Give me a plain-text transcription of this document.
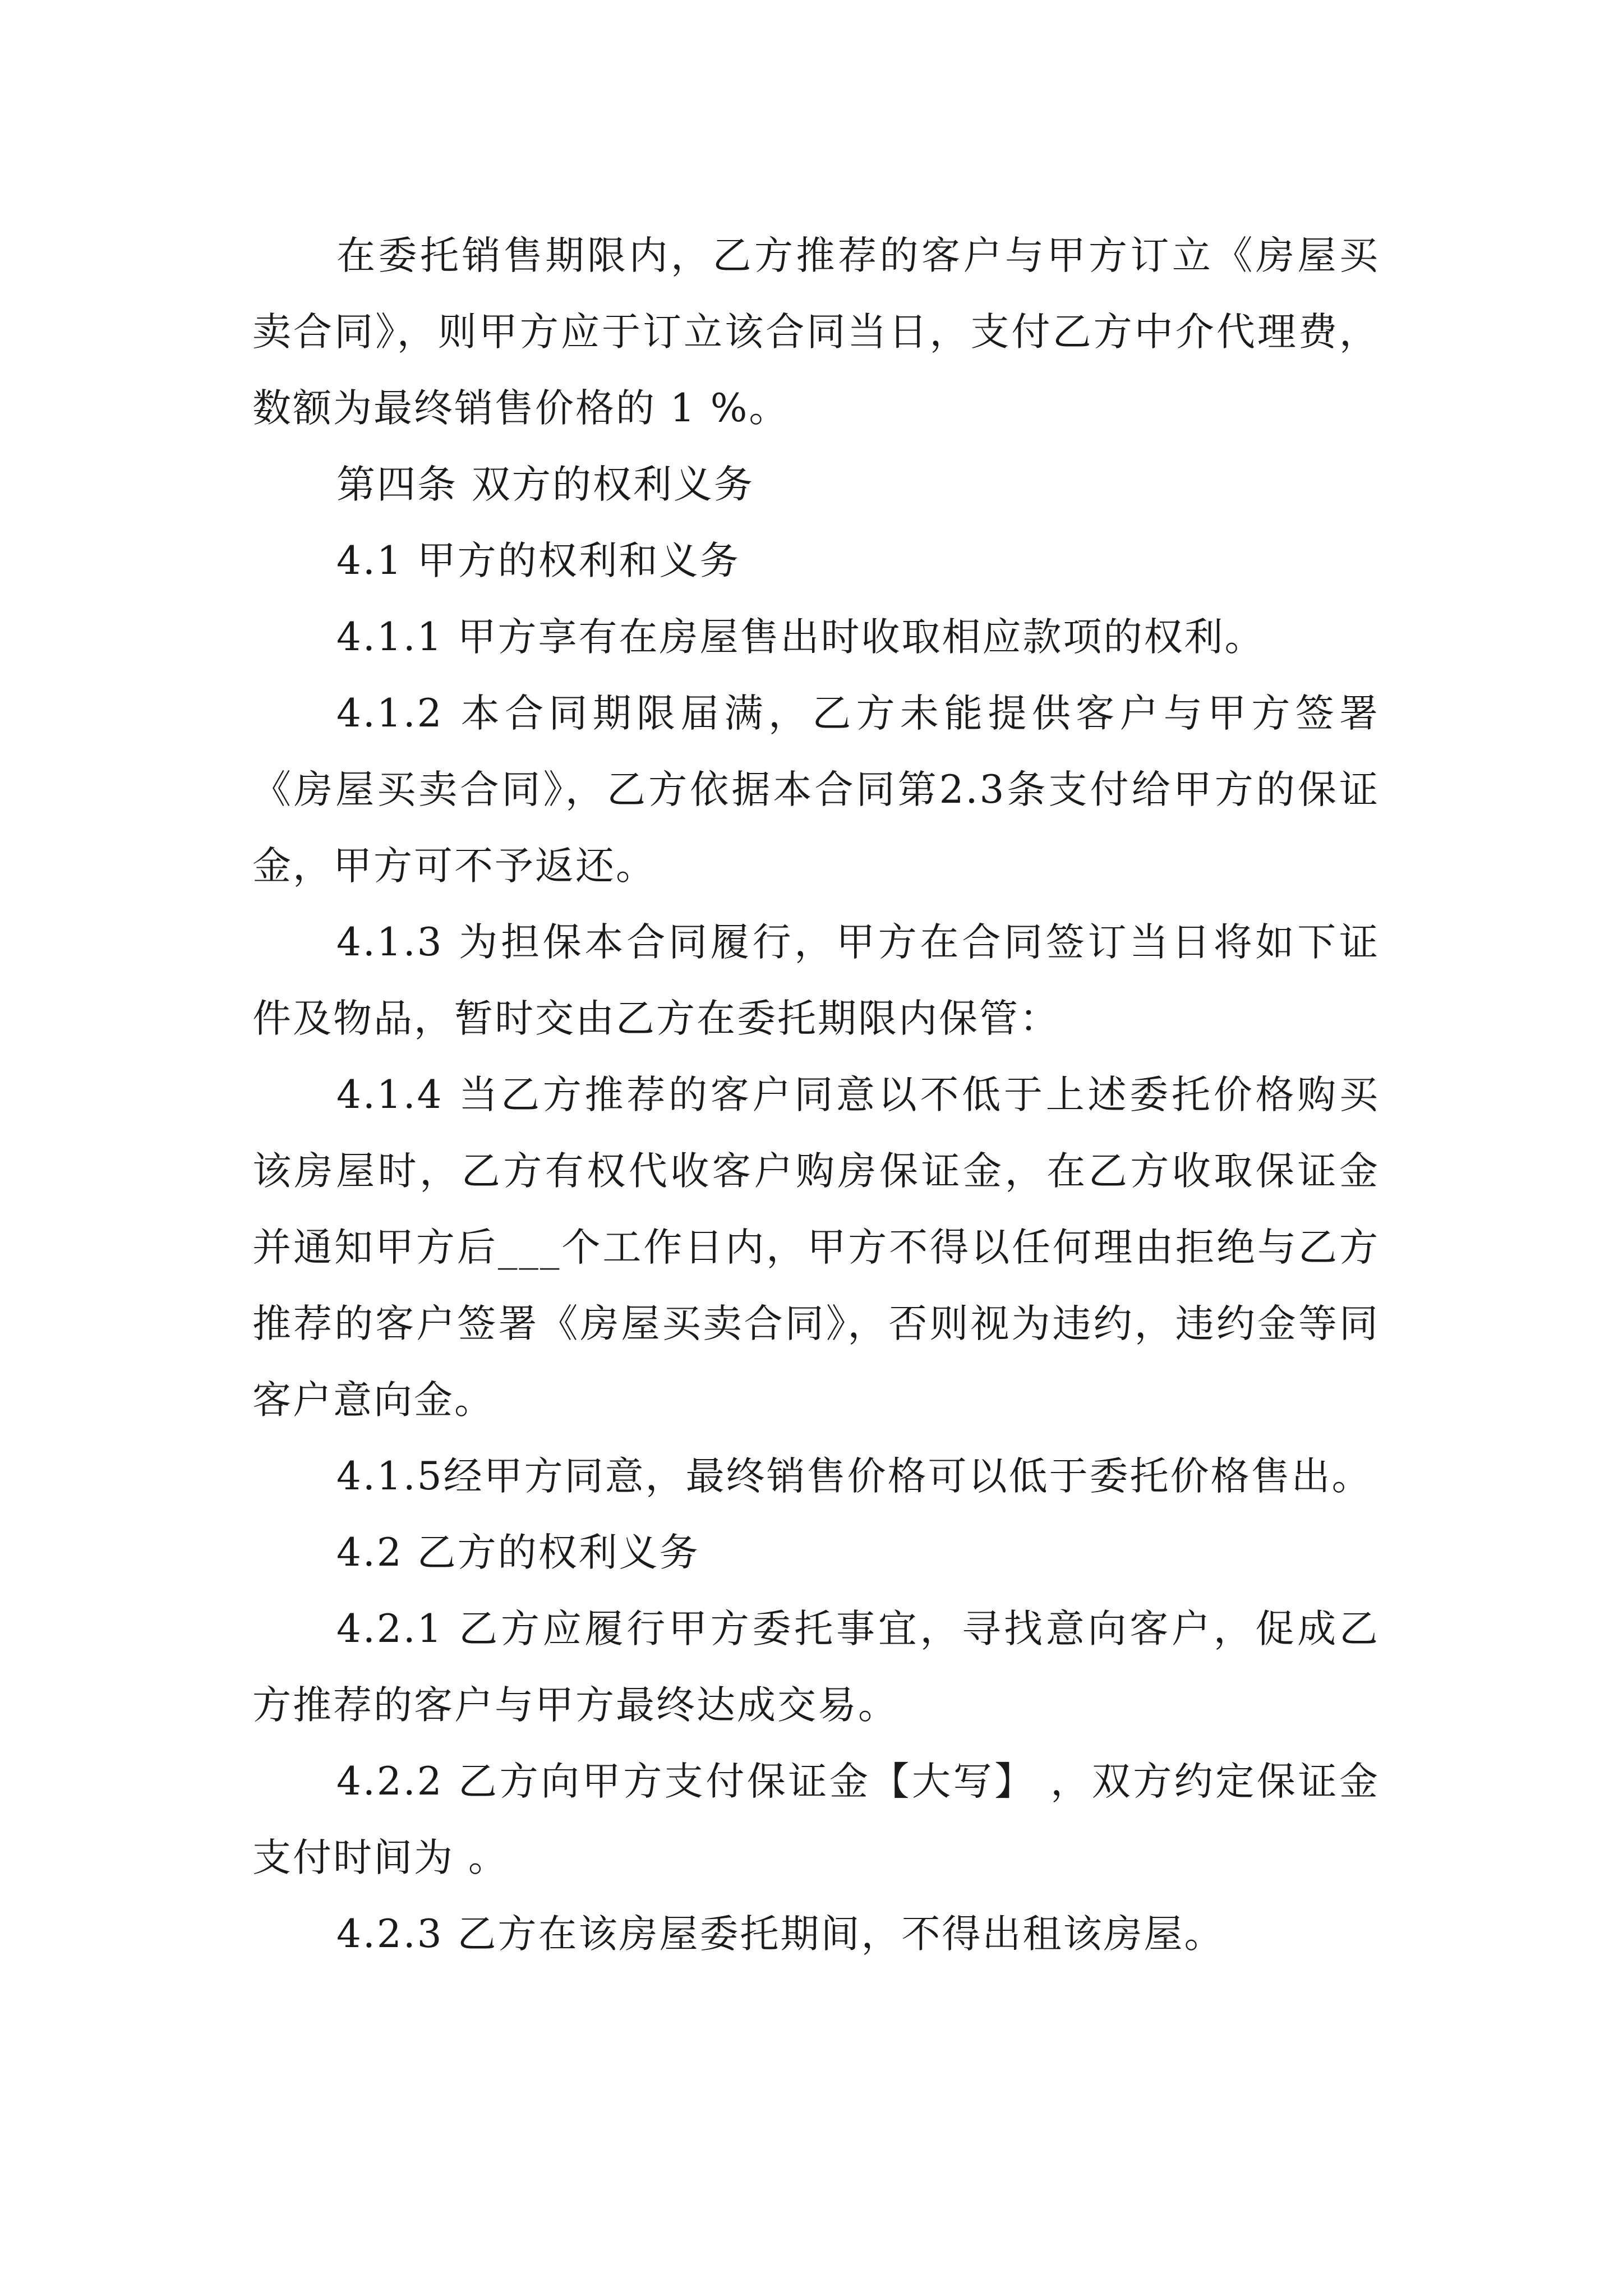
在委托销售期限内，乙方推荐的客户与甲方订立《房屋买卖合同》，则甲方应于订立该合同当日，支付乙方中介代理费，数额为最终销售价格的 1 %。

第四条 双方的权利义务

4.1 甲方的权利和义务

4.1.1 甲方享有在房屋售出时收取相应款项的权利。

4.1.2 本合同期限届满，乙方未能提供客户与甲方签署《房屋买卖合同》，乙方依据本合同第2.3条支付给甲方的保证金，甲方可不予返还。

4.1.3 为担保本合同履行，甲方在合同签订当日将如下证件及物品，暂时交由乙方在委托期限内保管：

4.1.4 当乙方推荐的客户同意以不低于上述委托价格购买该房屋时，乙方有权代收客户购房保证金，在乙方收取保证金并通知甲方后___个工作日内，甲方不得以任何理由拒绝与乙方推荐的客户签署《房屋买卖合同》，否则视为违约，违约金等同客户意向金。

4.1.5经甲方同意，最终销售价格可以低于委托价格售出。

4.2 乙方的权利义务

4.2.1 乙方应履行甲方委托事宜，寻找意向客户，促成乙方推荐的客户与甲方最终达成交易。

4.2.2 乙方向甲方支付保证金【大写】 ，双方约定保证金支付时间为 。

4.2.3 乙方在该房屋委托期间，不得出租该房屋。
